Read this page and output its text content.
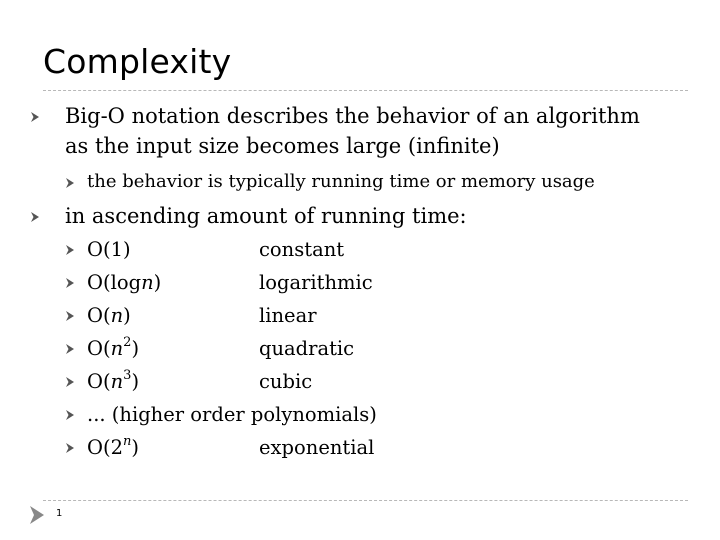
Complexity
Big-O notation describes the behavior of an algorithm
as the input size becomes large (infinite)
the behavior is typically running time or memory usage
in ascending amount of running time:
O(1)	constant
O(logn)	logarithmic
O(n)	linear
$O(n^2)$	quadratic
$O(n^3)$	cubic
... (higher order polynomials)
O(2$^n$)	exponential
1
